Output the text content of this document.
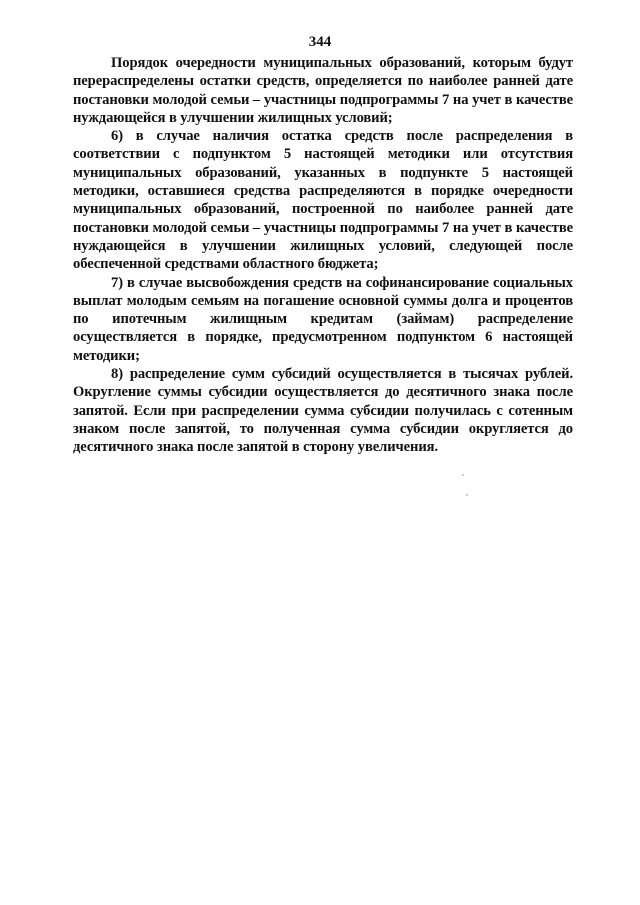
344

Порядок очередности муниципальных образований, которым будут перераспределены остатки средств, определяется по наиболее ранней дате постановки молодой семьи – участницы подпрограммы 7 на учет в качестве нуждающейся в улучшении жилищных условий;

6) в случае наличия остатка средств после распределения в соответствии с подпунктом 5 настоящей методики или отсутствия муниципальных образований, указанных в подпункте 5 настоящей методики, оставшиеся средства распределяются в порядке очередности муниципальных образований, построенной по наиболее ранней дате постановки молодой семьи – участницы подпрограммы 7 на учет в качестве нуждающейся в улучшении жилищных условий, следующей после обеспеченной средствами областного бюджета;

7) в случае высвобождения средств на софинансирование социальных выплат молодым семьям на погашение основной суммы долга и процентов по ипотечным жилищным кредитам (займам) распределение осуществляется в порядке, предусмотренном подпунктом 6 настоящей методики;

8) распределение сумм субсидий осуществляется в тысячах рублей. Округление суммы субсидии осуществляется до десятичного знака после запятой. Если при распределении сумма субсидии получилась с сотенным знаком после запятой, то полученная сумма субсидии округляется до десятичного знака после запятой в сторону увеличения.
